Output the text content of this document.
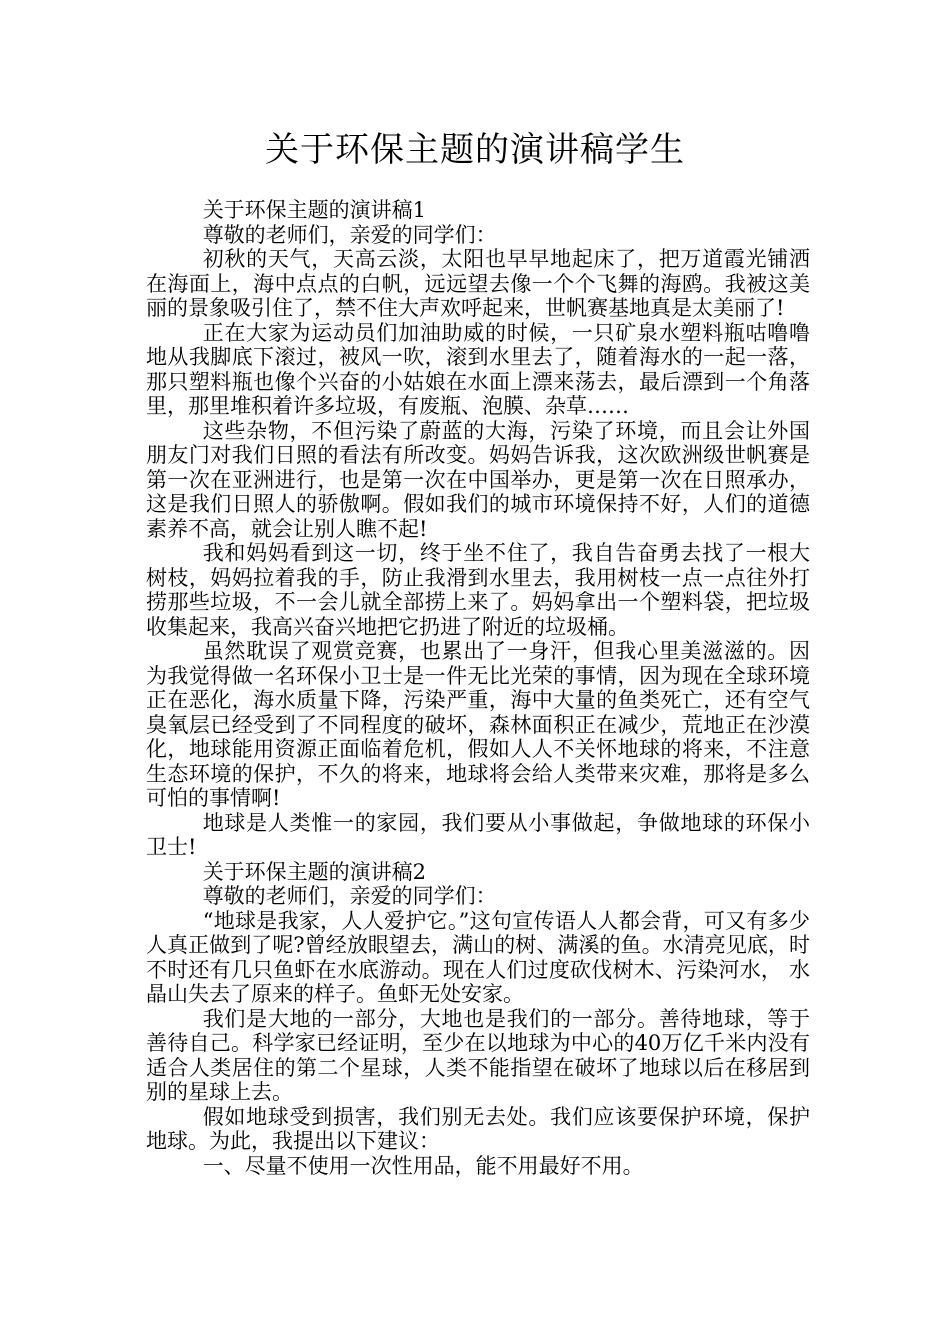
关于环保主题的演讲稿学生

关于环保主题的演讲稿1

尊敬的老师们，亲爱的同学们：

初秋的天气，天高云淡，太阳也早早地起床了，把万道霞光铺洒在海面上，海中点点的白帆，远远望去像一个个飞舞的海鸥。我被这美丽的景象吸引住了，禁不住大声欢呼起来，世帆赛基地真是太美丽了!

正在大家为运动员们加油助威的时候，一只矿泉水塑料瓶咕噜噜地从我脚底下滚过，被风一吹，滚到水里去了，随着海水的一起一落，那只塑料瓶也像个兴奋的小姑娘在水面上漂来荡去，最后漂到一个角落里，那里堆积着许多垃圾，有废瓶、泡膜、杂草……

这些杂物，不但污染了蔚蓝的大海，污染了环境，而且会让外国朋友门对我们日照的看法有所改变。妈妈告诉我，这次欧洲级世帆赛是第一次在亚洲进行，也是第一次在中国举办，更是第一次在日照承办，这是我们日照人的骄傲啊。假如我们的城市环境保持不好，人们的道德素养不高，就会让别人瞧不起!

我和妈妈看到这一切，终于坐不住了，我自告奋勇去找了一根大树枝，妈妈拉着我的手，防止我滑到水里去，我用树枝一点一点往外打捞那些垃圾，不一会儿就全部捞上来了。妈妈拿出一个塑料袋，把垃圾收集起来，我高兴奋兴地把它扔进了附近的垃圾桶。

虽然耽误了观赏竞赛，也累出了一身汗，但我心里美滋滋的。因为我觉得做一名环保小卫士是一件无比光荣的事情，因为现在全球环境正在恶化，海水质量下降，污染严重，海中大量的鱼类死亡，还有空气臭氧层已经受到了不同程度的破坏，森林面积正在减少，荒地正在沙漠化，地球能用资源正面临着危机，假如人人不关怀地球的将来，不注意生态环境的保护，不久的将来，地球将会给人类带来灾难，那将是多么可怕的事情啊!

地球是人类惟一的家园，我们要从小事做起，争做地球的环保小卫士!

关于环保主题的演讲稿2

尊敬的老师们，亲爱的同学们：

“地球是我家，人人爱护它。”这句宣传语人人都会背，可又有多少人真正做到了呢?曾经放眼望去，满山的树、满溪的鱼。水清亮见底，时不时还有几只鱼虾在水底游动。现在人们过度砍伐树木、污染河水， 水晶山失去了原来的样子。鱼虾无处安家。

我们是大地的一部分，大地也是我们的一部分。善待地球，等于善待自己。科学家已经证明，至少在以地球为中心的40万亿千米内没有适合人类居住的第二个星球，人类不能指望在破坏了地球以后在移居到别的星球上去。

假如地球受到损害，我们别无去处。我们应该要保护环境，保护地球。为此，我提出以下建议：

一、尽量不使用一次性用品，能不用最好不用。
